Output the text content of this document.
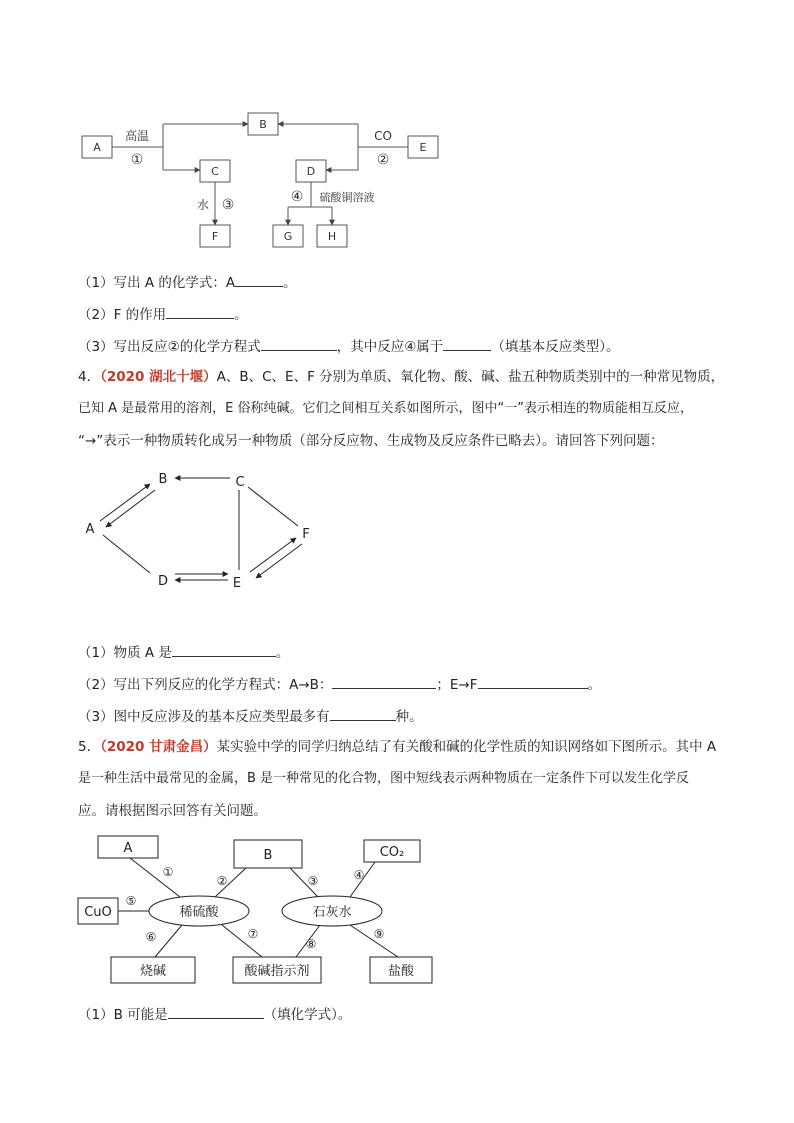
A
B
C	D
E
F	G	H
高温
①
CO
②
水 ③	④ 硫酸铜溶液
（1）写出 A 的化学式：A	。
（2）F 的作用	。
（3）写出反应②的化学方程式	，其中反应④属于	（填基本反应类型）。
4．（2020 湖北十堰）A、B、C、E、F 分别为单质、氧化物、酸、碱、盐五种物质类别中的一种常见物质，
已知 A 是最常用的溶剂，E 俗称纯碱。它们之间相互关系如图所示，图中“一”表示相连的物质能相互反应，
“→”表示一种物质转化成另一种物质（部分反应物、生成物及反应条件已略去）。请回答下列问题：
A
B	C
D	E
F
（1）物质 A 是	。
（2）写出下列反应的化学方程式：A→B：	；E→F	。
（3）图中反应涉及的基本反应类型最多有	种。
5．（2020 甘肃金昌）某实验中学的同学归纳总结了有关酸和碱的化学性质的知识网络如下图所示。其中 A
是一种生活中最常见的金属，B 是一种常见的化合物，图中短线表示两种物质在一定条件下可以发生化学反
应。请根据图示回答有关问题。
A	B	CO₂
CuO
烧碱	酸碱指示剂	盐酸
稀硫酸	石灰水
①
②	③	④
⑤
⑥	⑦
⑧
⑨
（1）B 可能是	（填化学式）。
